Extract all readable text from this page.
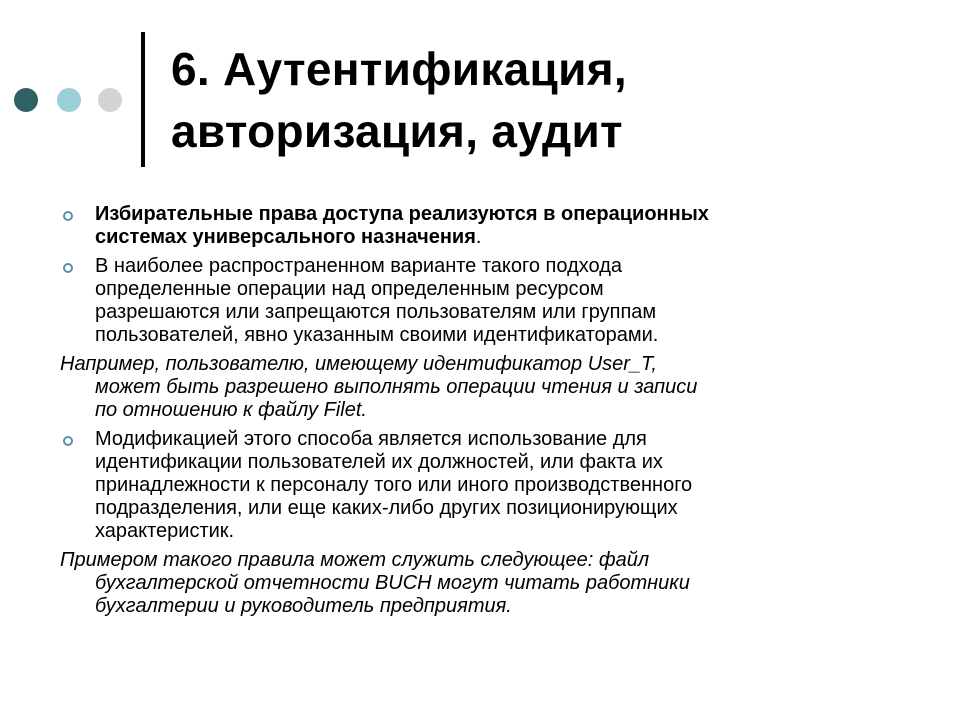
6. Аутентификация,
авторизация, аудит
Избирательные права доступа реализуются в операционных
системах универсального назначения.
В наиболее распространенном варианте такого подхода
определенные операции над определенным ресурсом
разрешаются или запрещаются пользователям или группам
пользователей, явно указанным своими идентификаторами.
Например, пользователю, имеющему идентификатор User_T,
может быть разрешено выполнять операции чтения и записи
по отношению к файлу Filet.
Модификацией этого способа является использование для
идентификации пользователей их должностей, или факта их
принадлежности к персоналу того или иного производственного
подразделения, или еще каких-либо других позиционирующих
характеристик.
Примером такого правила может служить следующее: файл
бухгалтерской отчетности BUCH могут читать работники
бухгалтерии и руководитель предприятия.
